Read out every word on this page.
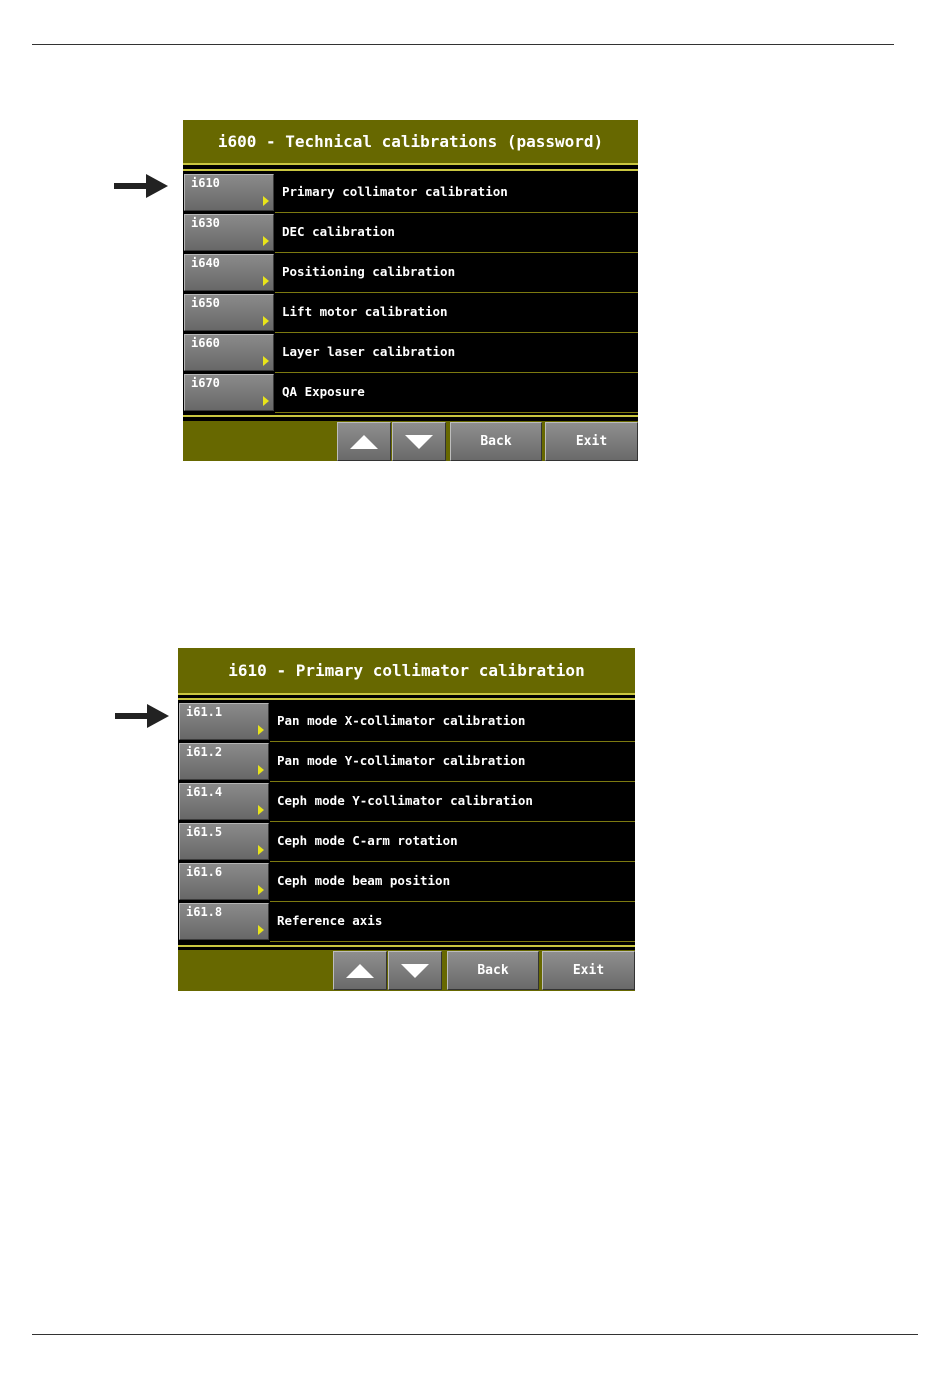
i600 - Technical calibrations (password)
i610
Primary collimator calibration
i630
DEC calibration
i640
Positioning calibration
i650
Lift motor calibration
i660
Layer laser calibration
i670
QA Exposure
Back	Exit
i610 - Primary collimator calibration
i61.1
Pan mode X-collimator calibration
i61.2
Pan mode Y-collimator calibration
i61.4
Ceph mode Y-collimator calibration
i61.5
Ceph mode C-arm rotation
i61.6
Ceph mode beam position
i61.8
Reference axis
Back	Exit
